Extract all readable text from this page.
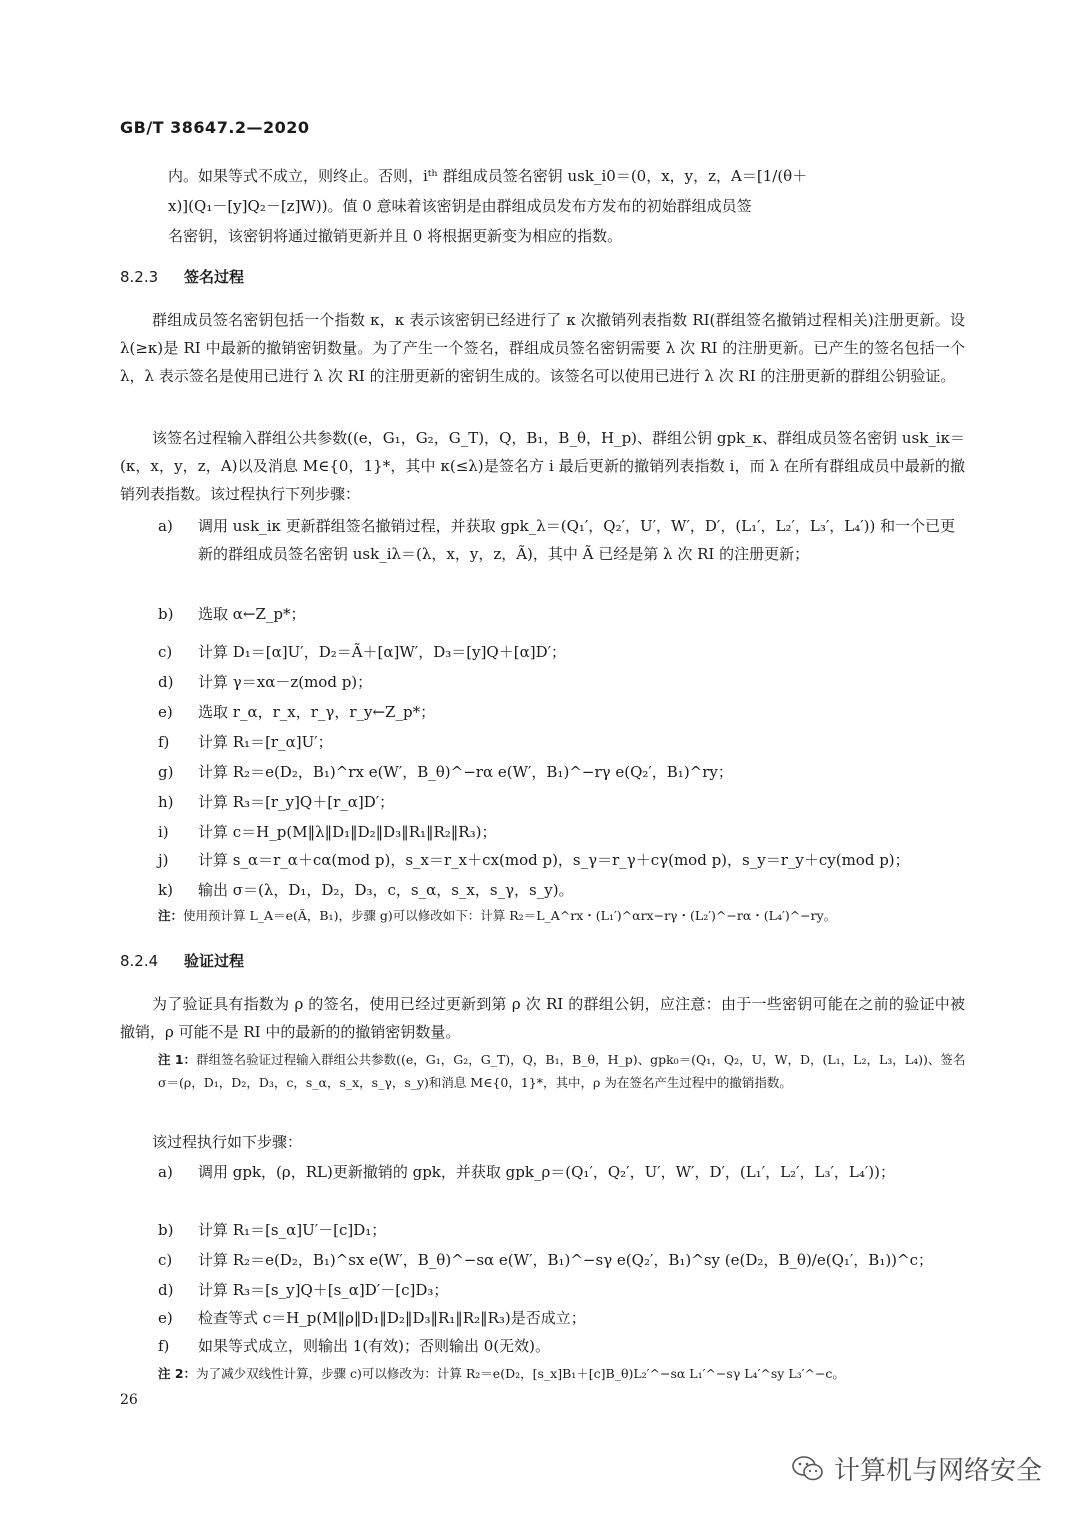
GB/T 38647.2—2020
内。如果等式不成立，则终止。否则，iᵗʰ 群组成员签名密钥 usk_i0＝(0，x，y，z，A＝[1/(θ＋
x)](Q₁－[y]Q₂－[z]W))。值 0 意味着该密钥是由群组成员发布方发布的初始群组成员签
名密钥，该密钥将通过撤销更新并且 0 将根据更新变为相应的指数。
8.2.3 签名过程
群组成员签名密钥包括一个指数 κ，κ 表示该密钥已经进行了 κ 次撤销列表指数 RI(群组签名撤销过程相关)注册更新。设 λ(≥κ)是 RI 中最新的撤销密钥数量。为了产生一个签名，群组成员签名密钥需要 λ 次 RI 的注册更新。已产生的签名包括一个 λ，λ 表示签名是使用已进行 λ 次 RI 的注册更新的密钥生成的。该签名可以使用已进行 λ 次 RI 的注册更新的群组公钥验证。
该签名过程输入群组公共参数((e，G₁，G₂，G_T)，Q，B₁，B_θ，H_p)、群组公钥 gpk_κ、群组成员签名密钥 usk_iκ＝(κ，x，y，z，A)以及消息 M∈{0，1}*，其中 κ(≤λ)是签名方 i 最后更新的撤销列表指数 i，而 λ 在所有群组成员中最新的撤销列表指数。该过程执行下列步骤：
a)	调用 usk_iκ 更新群组签名撤销过程，并获取 gpk_λ＝(Q₁′，Q₂′，U′，W′，D′，(L₁′，L₂′，L₃′，L₄′)) 和一个已更新的群组成员签名密钥 usk_iλ＝(λ，x，y，z，Ã)，其中 Ã 已经是第 λ 次 RI 的注册更新；
b)	选取 α←Z_p*；
c)	计算 D₁＝[α]U′，D₂＝Ã＋[α]W′，D₃＝[y]Q＋[α]D′；
d)	计算 γ＝xα－z(mod p)；
e)	选取 r_α，r_x，r_γ，r_y←Z_p*；
f)	计算 R₁＝[r_α]U′；
g)	计算 R₂＝e(D₂，B₁)^rx e(W′，B_θ)^−rα e(W′，B₁)^−rγ e(Q₂′，B₁)^ry；
h)	计算 R₃＝[r_y]Q＋[r_α]D′；
i)	计算 c＝H_p(M‖λ‖D₁‖D₂‖D₃‖R₁‖R₂‖R₃)；
j)	计算 s_α＝r_α＋cα(mod p)，s_x＝r_x＋cx(mod p)，s_γ＝r_γ＋cγ(mod p)，s_y＝r_y＋cy(mod p)；
k)	输出 σ＝(λ，D₁，D₂，D₃，c，s_α，s_x，s_γ，s_y)。
注：使用预计算 L_A＝e(Ã，B₁)，步骤 g)可以修改如下：计算 R₂＝L_A^rx・(L₁′)^αrx−rγ・(L₂′)^−rα・(L₄′)^−ry。
8.2.4 验证过程
为了验证具有指数为 ρ 的签名，使用已经过更新到第 ρ 次 RI 的群组公钥，应注意：由于一些密钥可能在之前的验证中被撤销，ρ 可能不是 RI 中的最新的的撤销密钥数量。
注 1：群组签名验证过程输入群组公共参数((e，G₁，G₂，G_T)，Q，B₁，B_θ，H_p)、gpk₀＝(Q₁，Q₂，U，W，D，(L₁，L₂，L₃，L₄))、签名 σ＝(ρ，D₁，D₂，D₃，c，s_α，s_x，s_γ，s_y)和消息 M∈{0，1}*，其中，ρ 为在签名产生过程中的撤销指数。
该过程执行如下步骤：
a)	调用 gpk，(ρ，RL)更新撤销的 gpk，并获取 gpk_ρ＝(Q₁′，Q₂′，U′，W′，D′，(L₁′，L₂′，L₃′，L₄′))；
b)	计算 R₁＝[s_α]U′－[c]D₁；
c)	计算 R₂＝e(D₂，B₁)^sx e(W′，B_θ)^−sα e(W′，B₁)^−sγ e(Q₂′，B₁)^sy (e(D₂，B_θ)/e(Q₁′，B₁))^c；
d)	计算 R₃＝[s_y]Q＋[s_α]D′－[c]D₃；
e)	检查等式 c＝H_p(M‖ρ‖D₁‖D₂‖D₃‖R₁‖R₂‖R₃)是否成立；
f)	如果等式成立，则输出 1(有效)；否则输出 0(无效)。
注 2：为了减少双线性计算，步骤 c)可以修改为：计算 R₂＝e(D₂，[s_x]B₁＋[c]B_θ)L₂′^−sα L₁′^−sγ L₄′^sy L₃′^−c。
26
计算机与网络安全
